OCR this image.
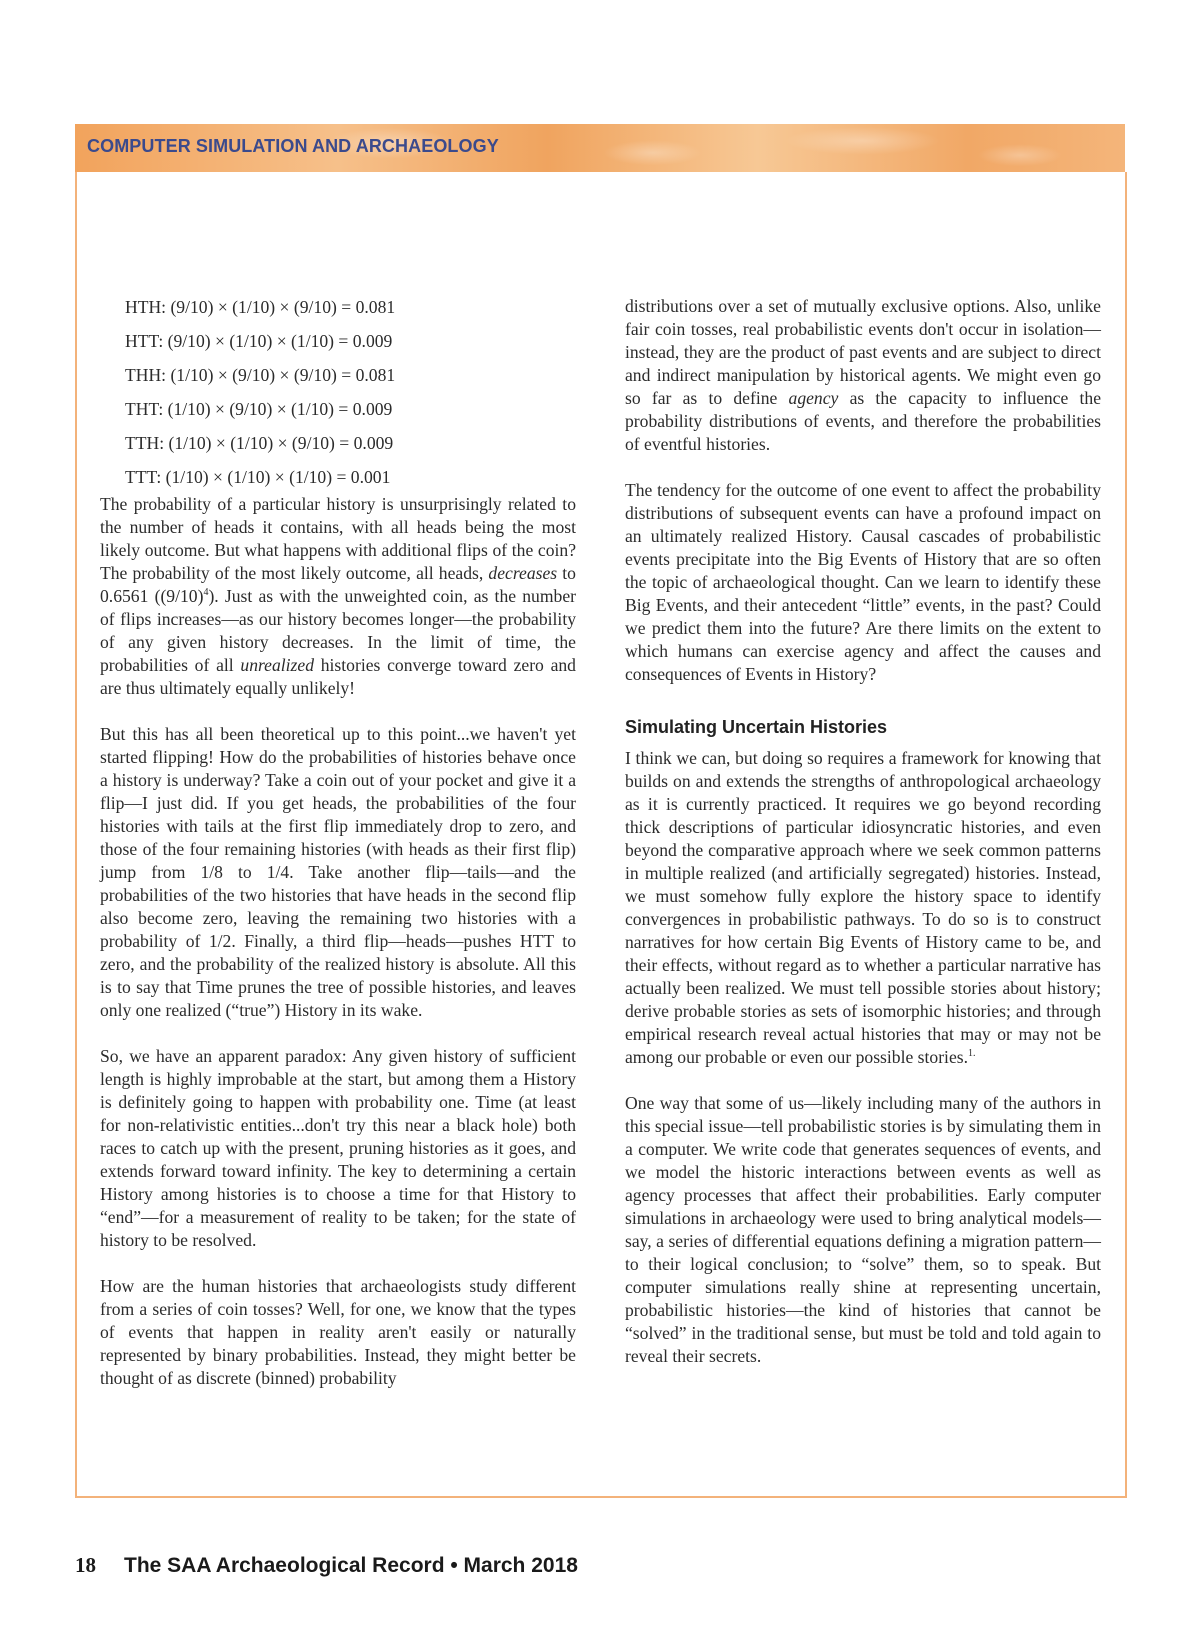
COMPUTER SIMULATION AND ARCHAEOLOGY
HTH: (9/10) × (1/10) × (9/10) = 0.081
HTT: (9/10) × (1/10) × (1/10) = 0.009
THH: (1/10) × (9/10) × (9/10) = 0.081
THT: (1/10) × (9/10) × (1/10) = 0.009
TTH: (1/10) × (1/10) × (9/10) = 0.009
TTT: (1/10) × (1/10) × (1/10) = 0.001

The probability of a particular history is unsurprisingly related to the number of heads it contains, with all heads being the most likely outcome. But what happens with additional flips of the coin? The probability of the most likely outcome, all heads, decreases to 0.6561 $((9/10)^4)$. Just as with the unweighted coin, as the number of flips increases—as our history becomes longer—the probability of any given history decreases. In the limit of time, the probabilities of all unrealized histories converge toward zero and are thus ultimately equally unlikely!

But this has all been theoretical up to this point...we haven't yet started flipping! How do the probabilities of histories behave once a history is underway? Take a coin out of your pocket and give it a flip—I just did. If you get heads, the probabilities of the four histories with tails at the first flip immediately drop to zero, and those of the four remaining histories (with heads as their first flip) jump from 1/8 to 1/4. Take another flip—tails—and the probabilities of the two histories that have heads in the second flip also become zero, leaving the remaining two histories with a probability of 1/2. Finally, a third flip—heads—pushes HTT to zero, and the probability of the realized history is absolute. All this is to say that Time prunes the tree of possible histories, and leaves only one realized (“true”) History in its wake.

So, we have an apparent paradox: Any given history of sufficient length is highly improbable at the start, but among them a History is definitely going to happen with probability one. Time (at least for non-relativistic entities...don't try this near a black hole) both races to catch up with the present, pruning histories as it goes, and extends forward toward infinity. The key to determining a certain History among histories is to choose a time for that History to “end”—for a measurement of reality to be taken; for the state of history to be resolved.

How are the human histories that archaeologists study different from a series of coin tosses? Well, for one, we know that the types of events that happen in reality aren't easily or naturally represented by binary probabilities. Instead, they might better be thought of as discrete (binned) probability

distributions over a set of mutually exclusive options. Also, unlike fair coin tosses, real probabilistic events don't occur in isolation—instead, they are the product of past events and are subject to direct and indirect manipulation by historical agents. We might even go so far as to define agency as the capacity to influence the probability distributions of events, and therefore the probabilities of eventful histories.

The tendency for the outcome of one event to affect the probability distributions of subsequent events can have a profound impact on an ultimately realized History. Causal cascades of probabilistic events precipitate into the Big Events of History that are so often the topic of archaeological thought. Can we learn to identify these Big Events, and their antecedent “little” events, in the past? Could we predict them into the future? Are there limits on the extent to which humans can exercise agency and affect the causes and consequences of Events in History?

Simulating Uncertain Histories

I think we can, but doing so requires a framework for knowing that builds on and extends the strengths of anthropological archaeology as it is currently practiced. It requires we go beyond recording thick descriptions of particular idiosyncratic histories, and even beyond the comparative approach where we seek common patterns in multiple realized (and artificially segregated) histories. Instead, we must somehow fully explore the history space to identify convergences in probabilistic pathways. To do so is to construct narratives for how certain Big Events of History came to be, and their effects, without regard as to whether a particular narrative has actually been realized. We must tell possible stories about history; derive probable stories as sets of isomorphic histories; and through empirical research reveal actual histories that may or may not be among our probable or even our possible stories.$^{1.}$

One way that some of us—likely including many of the authors in this special issue—tell probabilistic stories is by simulating them in a computer. We write code that generates sequences of events, and we model the historic interactions between events as well as agency processes that affect their probabilities. Early computer simulations in archaeology were used to bring analytical models—say, a series of differential equations defining a migration pattern—to their logical conclusion; to “solve” them, so to speak. But computer simulations really shine at representing uncertain, probabilistic histories—the kind of histories that cannot be “solved” in the traditional sense, but must be told and told again to reveal their secrets.

18 The SAA Archaeological Record • March 2018
